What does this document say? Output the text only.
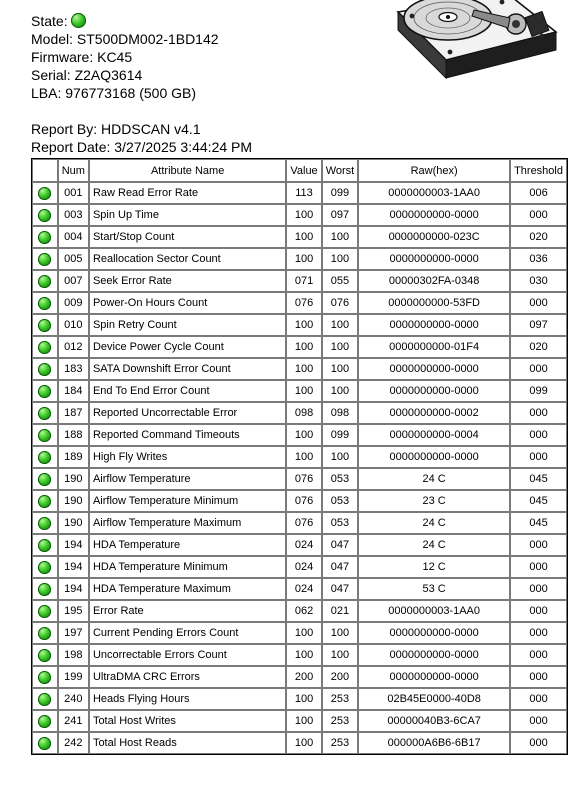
State:
Model: ST500DM002-1BD142
Firmware: KC45
Serial: Z2AQ3614
LBA: 976773168 (500 GB)
Report By: HDDSCAN v4.1
Report Date: 3/27/2025 3:44:24 PM
	Num	Attribute Name	Value	Worst	Raw(hex)	Threshold
	001	Raw Read Error Rate	113	099	0000000003-1AA0	006
	003	Spin Up Time	100	097	0000000000-0000	000
	004	Start/Stop Count	100	100	0000000000-023C	020
	005	Reallocation Sector Count	100	100	0000000000-0000	036
	007	Seek Error Rate	071	055	00000302FA-0348	030
	009	Power-On Hours Count	076	076	0000000000-53FD	000
	010	Spin Retry Count	100	100	0000000000-0000	097
	012	Device Power Cycle Count	100	100	0000000000-01F4	020
	183	SATA Downshift Error Count	100	100	0000000000-0000	000
	184	End To End Error Count	100	100	0000000000-0000	099
	187	Reported Uncorrectable Error	098	098	0000000000-0002	000
	188	Reported Command Timeouts	100	099	0000000000-0004	000
	189	High Fly Writes	100	100	0000000000-0000	000
	190	Airflow Temperature	076	053	24 C	045
	190	Airflow Temperature Minimum	076	053	23 C	045
	190	Airflow Temperature Maximum	076	053	24 C	045
	194	HDA Temperature	024	047	24 C	000
	194	HDA Temperature Minimum	024	047	12 C	000
	194	HDA Temperature Maximum	024	047	53 C	000
	195	Error Rate	062	021	0000000003-1AA0	000
	197	Current Pending Errors Count	100	100	0000000000-0000	000
	198	Uncorrectable Errors Count	100	100	0000000000-0000	000
	199	UltraDMA CRC Errors	200	200	0000000000-0000	000
	240	Heads Flying Hours	100	253	02B45E0000-40D8	000
	241	Total Host Writes	100	253	00000040B3-6CA7	000
	242	Total Host Reads	100	253	000000A6B6-6B17	000
